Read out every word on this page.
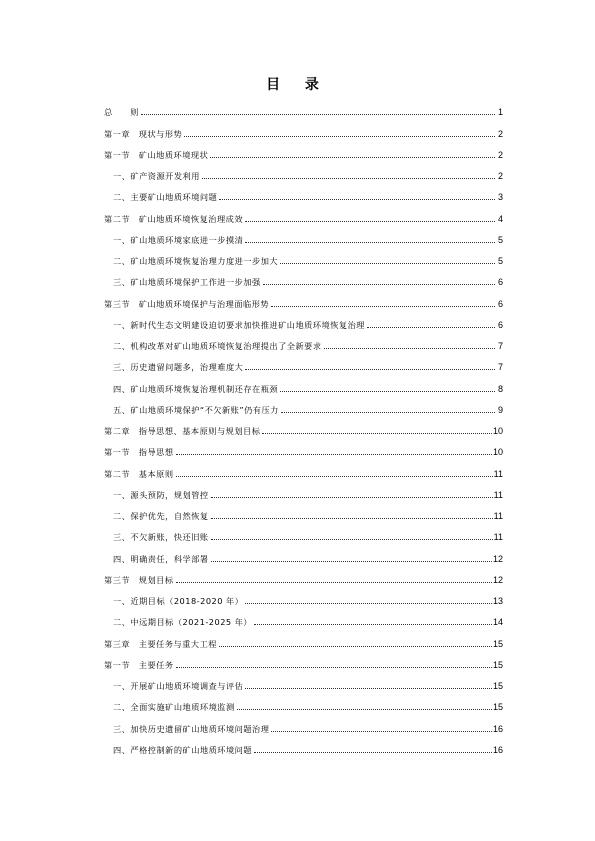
目 录
总　　则	1
第一章　现状与形势	2
第一节　矿山地质环境现状	2
一、矿产资源开发利用	2
二、主要矿山地质环境问题	3
第二节　矿山地质环境恢复治理成效	4
一、矿山地质环境家底进一步摸清	5
二、矿山地质环境恢复治理力度进一步加大	5
三、矿山地质环境保护工作进一步加强	6
第三节　矿山地质环境保护与治理面临形势	6
一、新时代生态文明建设迫切要求加快推进矿山地质环境恢复治理	6
二、机构改革对矿山地质环境恢复治理提出了全新要求	7
三、历史遗留问题多，治理难度大	7
四、矿山地质环境恢复治理机制还存在瓶颈	8
五、矿山地质环境保护“不欠新账”仍有压力	9
第二章　指导思想、基本原则与规划目标	10
第一节　指导思想	10
第二节　基本原则	11
一、源头预防，规划管控	11
二、保护优先，自然恢复	11
三、不欠新账，快还旧账	11
四、明确责任，科学部署	12
第三节　规划目标	12
一、近期目标（2018-2020 年）	13
二、中远期目标（2021-2025 年）	14
第三章　主要任务与重大工程	15
第一节　主要任务	15
一、开展矿山地质环境调查与评估	15
二、全面实施矿山地质环境监测	15
三、加快历史遗留矿山地质环境问题治理	16
四、严格控制新的矿山地质环境问题	16
